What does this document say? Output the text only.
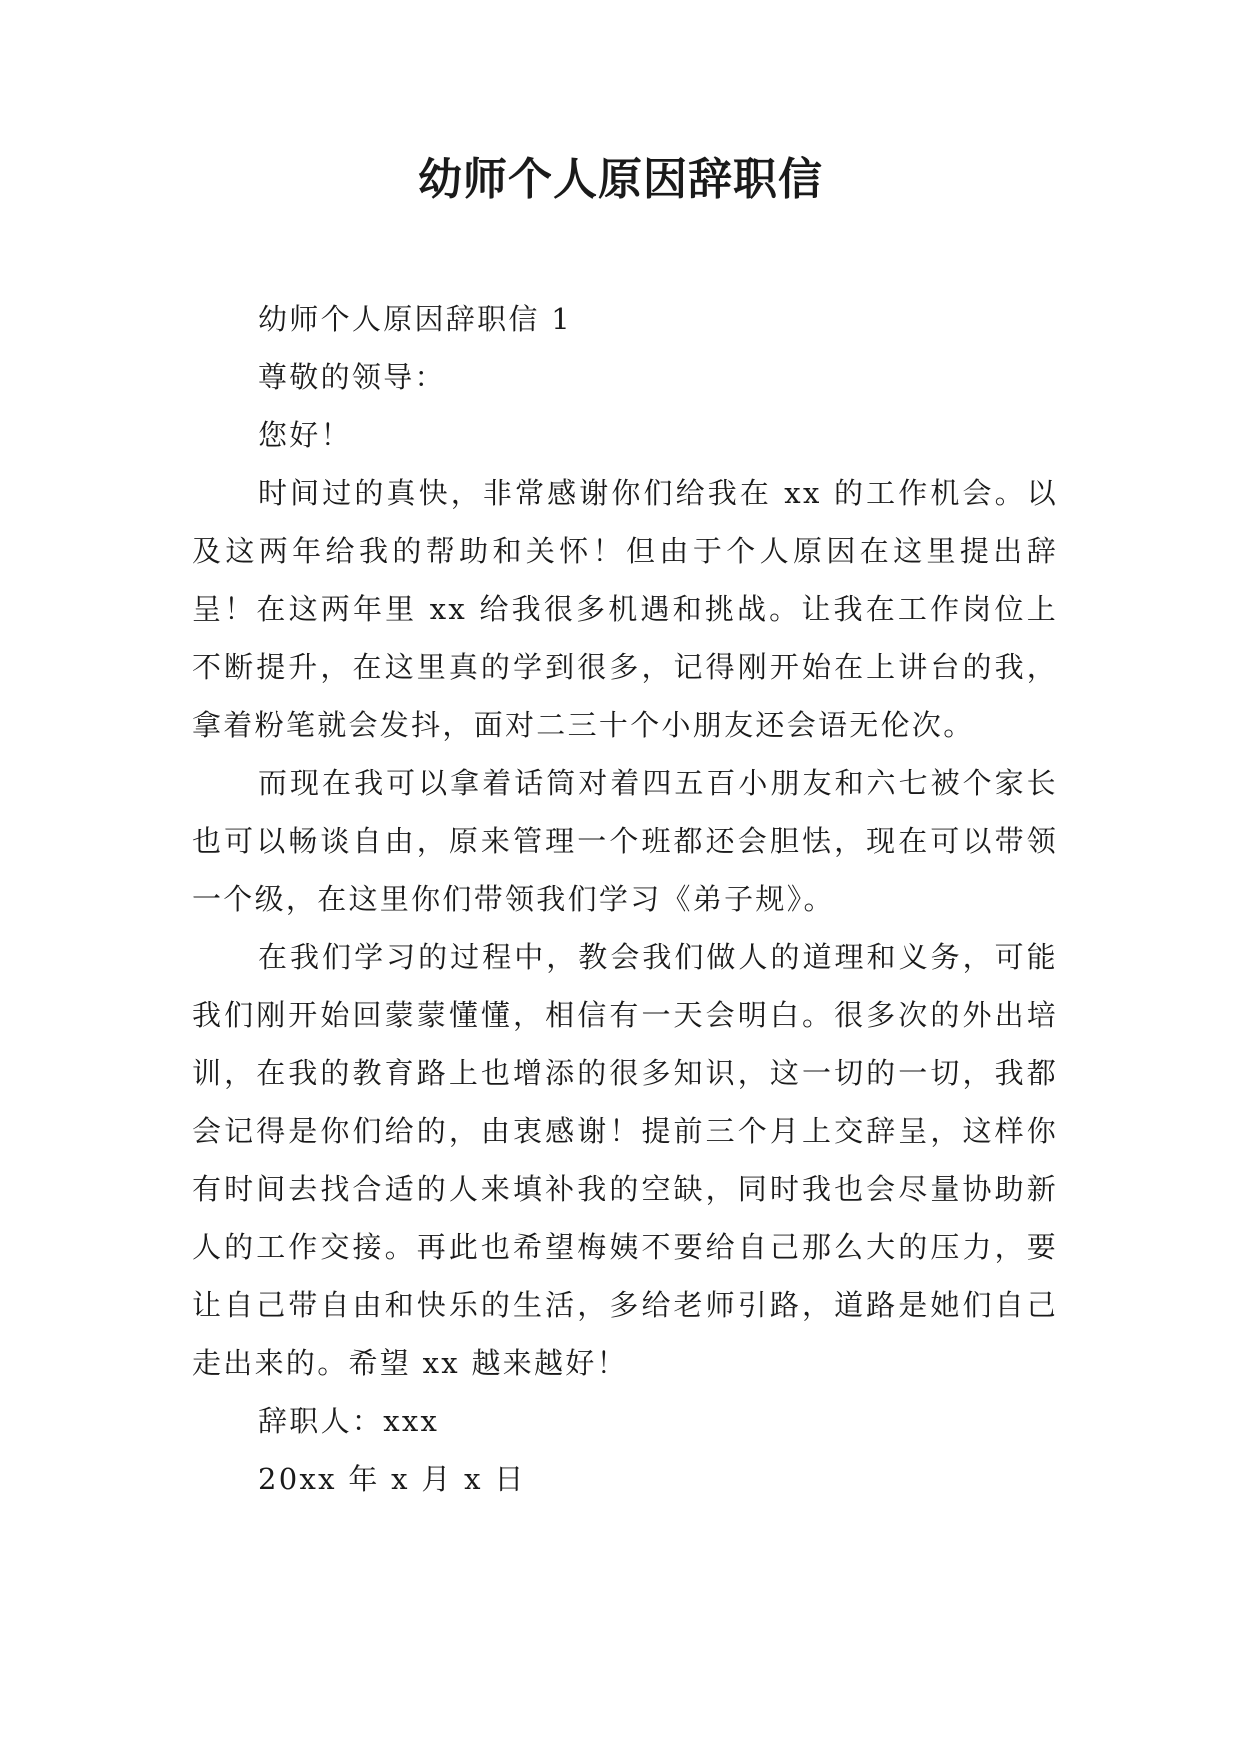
幼师个人原因辞职信

幼师个人原因辞职信 1

尊敬的领导：

您好！

时间过的真快，非常感谢你们给我在 xx 的工作机会。以及这两年给我的帮助和关怀！但由于个人原因在这里提出辞呈！在这两年里 xx 给我很多机遇和挑战。让我在工作岗位上不断提升，在这里真的学到很多，记得刚开始在上讲台的我，拿着粉笔就会发抖，面对二三十个小朋友还会语无伦次。

而现在我可以拿着话筒对着四五百小朋友和六七被个家长也可以畅谈自由，原来管理一个班都还会胆怯，现在可以带领一个级，在这里你们带领我们学习《弟子规》。

在我们学习的过程中，教会我们做人的道理和义务，可能我们刚开始回蒙蒙懂懂，相信有一天会明白。很多次的外出培训，在我的教育路上也增添的很多知识，这一切的一切，我都会记得是你们给的，由衷感谢！提前三个月上交辞呈，这样你有时间去找合适的人来填补我的空缺，同时我也会尽量协助新人的工作交接。再此也希望梅姨不要给自己那么大的压力，要让自己带自由和快乐的生活，多给老师引路，道路是她们自己走出来的。希望 xx 越来越好！

辞职人：xxx

20xx 年 x 月 x 日
